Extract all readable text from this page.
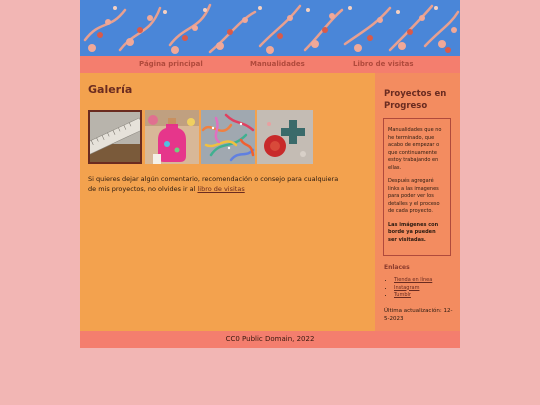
Página principal	Manualidades	Libro de visitas
Galería

Si quieres dejar algún comentario, recomendación o consejo para cualquiera de mis proyectos, no olvides ir al libro de visitas

Proyectos en Progreso
Manualidades que no he terminado, que acabo de empezar o que continuamente estoy trabajando en ellas.
Después agregaré links a las imagenes para poder ver los detalles y el proceso de cada proyecto.
Las imágenes con borde ya pueden ser visitadas.
Enlaces
• Tienda en línea
• Instagram
• Tumblr
Última actualización: 12-5-2023
CC0 Public Domain, 2022
